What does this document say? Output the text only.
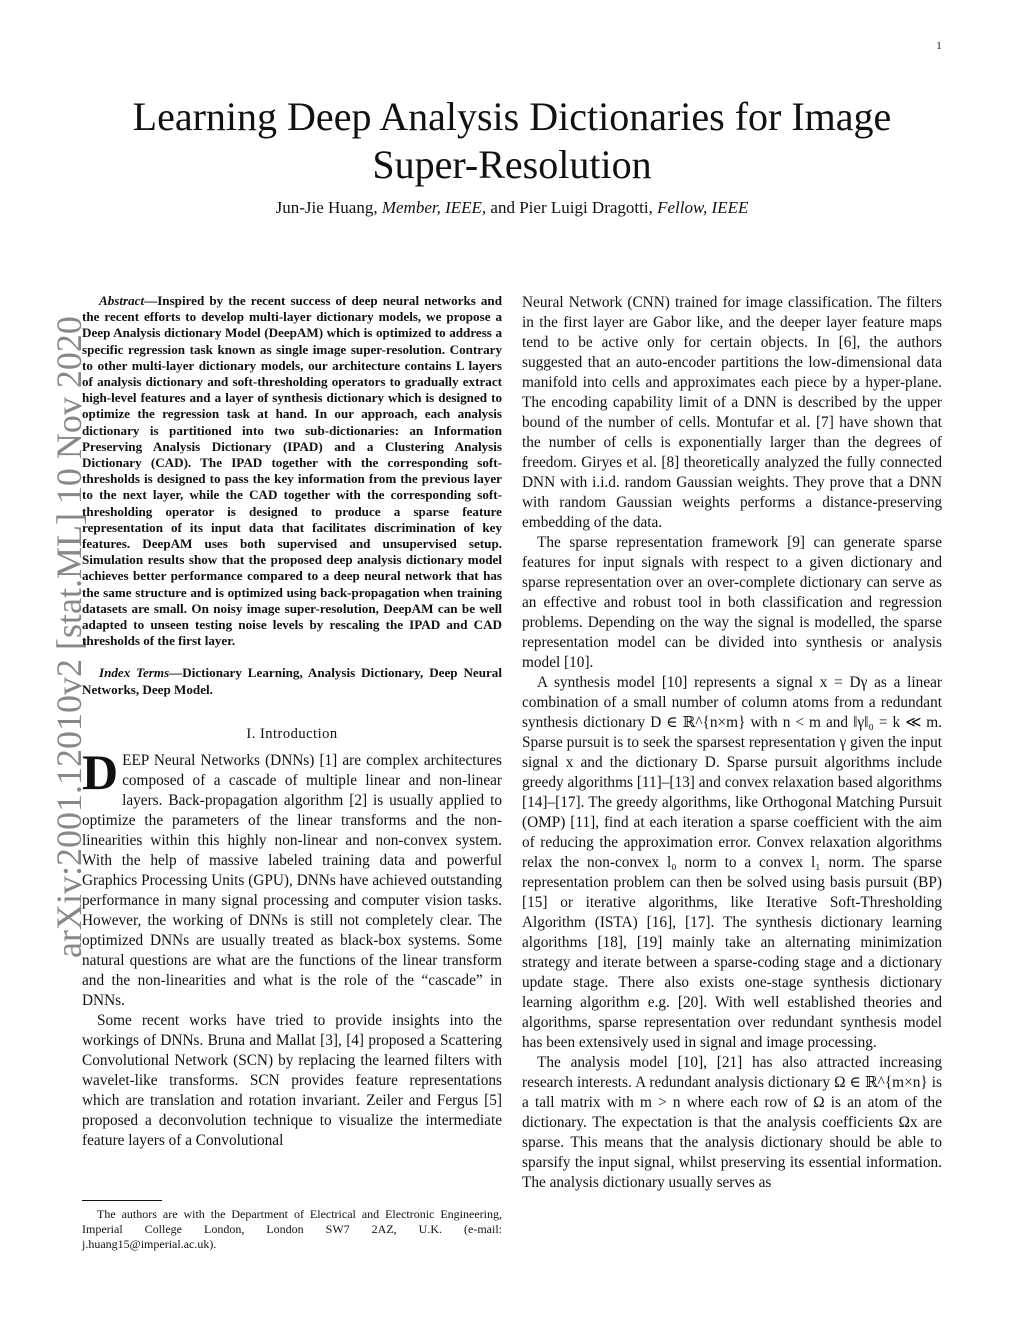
1
arXiv:2001.12010v2 [stat.ML] 10 Nov 2020
Learning Deep Analysis Dictionaries for Image Super-Resolution
Jun-Jie Huang, Member, IEEE, and Pier Luigi Dragotti, Fellow, IEEE

Abstract—Inspired by the recent success of deep neural networks and the recent efforts to develop multi-layer dictionary models, we propose a Deep Analysis dictionary Model (DeepAM) which is optimized to address a specific regression task known as single image super-resolution. Contrary to other multi-layer dictionary models, our architecture contains L layers of analysis dictionary and soft-thresholding operators to gradually extract high-level features and a layer of synthesis dictionary which is designed to optimize the regression task at hand. In our approach, each analysis dictionary is partitioned into two sub-dictionaries: an Information Preserving Analysis Dictionary (IPAD) and a Clustering Analysis Dictionary (CAD). The IPAD together with the corresponding soft-thresholds is designed to pass the key information from the previous layer to the next layer, while the CAD together with the corresponding soft-thresholding operator is designed to produce a sparse feature representation of its input data that facilitates discrimination of key features. DeepAM uses both supervised and unsupervised setup. Simulation results show that the proposed deep analysis dictionary model achieves better performance compared to a deep neural network that has the same structure and is optimized using back-propagation when training datasets are small. On noisy image super-resolution, DeepAM can be well adapted to unseen testing noise levels by rescaling the IPAD and CAD thresholds of the first layer.

Index Terms—Dictionary Learning, Analysis Dictionary, Deep Neural Networks, Deep Model.

I. Introduction

DEEP Neural Networks (DNNs) [1] are complex architectures composed of a cascade of multiple linear and non-linear layers. Back-propagation algorithm [2] is usually applied to optimize the parameters of the linear transforms and the non-linearities within this highly non-linear and non-convex system. With the help of massive labeled training data and powerful Graphics Processing Units (GPU), DNNs have achieved outstanding performance in many signal processing and computer vision tasks. However, the working of DNNs is still not completely clear. The optimized DNNs are usually treated as black-box systems. Some natural questions are what are the functions of the linear transform and the non-linearities and what is the role of the “cascade” in DNNs.

Some recent works have tried to provide insights into the workings of DNNs. Bruna and Mallat [3], [4] proposed a Scattering Convolutional Network (SCN) by replacing the learned filters with wavelet-like transforms. SCN provides feature representations which are translation and rotation invariant. Zeiler and Fergus [5] proposed a deconvolution technique to visualize the intermediate feature layers of a Convolutional

The authors are with the Department of Electrical and Electronic Engineering, Imperial College London, London SW7 2AZ, U.K. (e-mail: j.huang15@imperial.ac.uk).

Neural Network (CNN) trained for image classification. The filters in the first layer are Gabor like, and the deeper layer feature maps tend to be active only for certain objects. In [6], the authors suggested that an auto-encoder partitions the low-dimensional data manifold into cells and approximates each piece by a hyper-plane. The encoding capability limit of a DNN is described by the upper bound of the number of cells. Montufar et al. [7] have shown that the number of cells is exponentially larger than the degrees of freedom. Giryes et al. [8] theoretically analyzed the fully connected DNN with i.i.d. random Gaussian weights. They prove that a DNN with random Gaussian weights performs a distance-preserving embedding of the data.

The sparse representation framework [9] can generate sparse features for input signals with respect to a given dictionary and sparse representation over an over-complete dictionary can serve as an effective and robust tool in both classification and regression problems. Depending on the way the signal is modelled, the sparse representation model can be divided into synthesis or analysis model [10].

A synthesis model [10] represents a signal x = Dγ as a linear combination of a small number of column atoms from a redundant synthesis dictionary D ∈ ℝ^{n×m} with n < m and ‖γ‖₀ = k ≪ m. Sparse pursuit is to seek the sparsest representation γ given the input signal x and the dictionary D. Sparse pursuit algorithms include greedy algorithms [11]–[13] and convex relaxation based algorithms [14]–[17]. The greedy algorithms, like Orthogonal Matching Pursuit (OMP) [11], find at each iteration a sparse coefficient with the aim of reducing the approximation error. Convex relaxation algorithms relax the non-convex l₀ norm to a convex l₁ norm. The sparse representation problem can then be solved using basis pursuit (BP) [15] or iterative algorithms, like Iterative Soft-Thresholding Algorithm (ISTA) [16], [17]. The synthesis dictionary learning algorithms [18], [19] mainly take an alternating minimization strategy and iterate between a sparse-coding stage and a dictionary update stage. There also exists one-stage synthesis dictionary learning algorithm e.g. [20]. With well established theories and algorithms, sparse representation over redundant synthesis model has been extensively used in signal and image processing.

The analysis model [10], [21] has also attracted increasing research interests. A redundant analysis dictionary Ω ∈ ℝ^{m×n} is a tall matrix with m > n where each row of Ω is an atom of the dictionary. The expectation is that the analysis coefficients Ωx are sparse. This means that the analysis dictionary should be able to sparsify the input signal, whilst preserving its essential information. The analysis dictionary usually serves as
